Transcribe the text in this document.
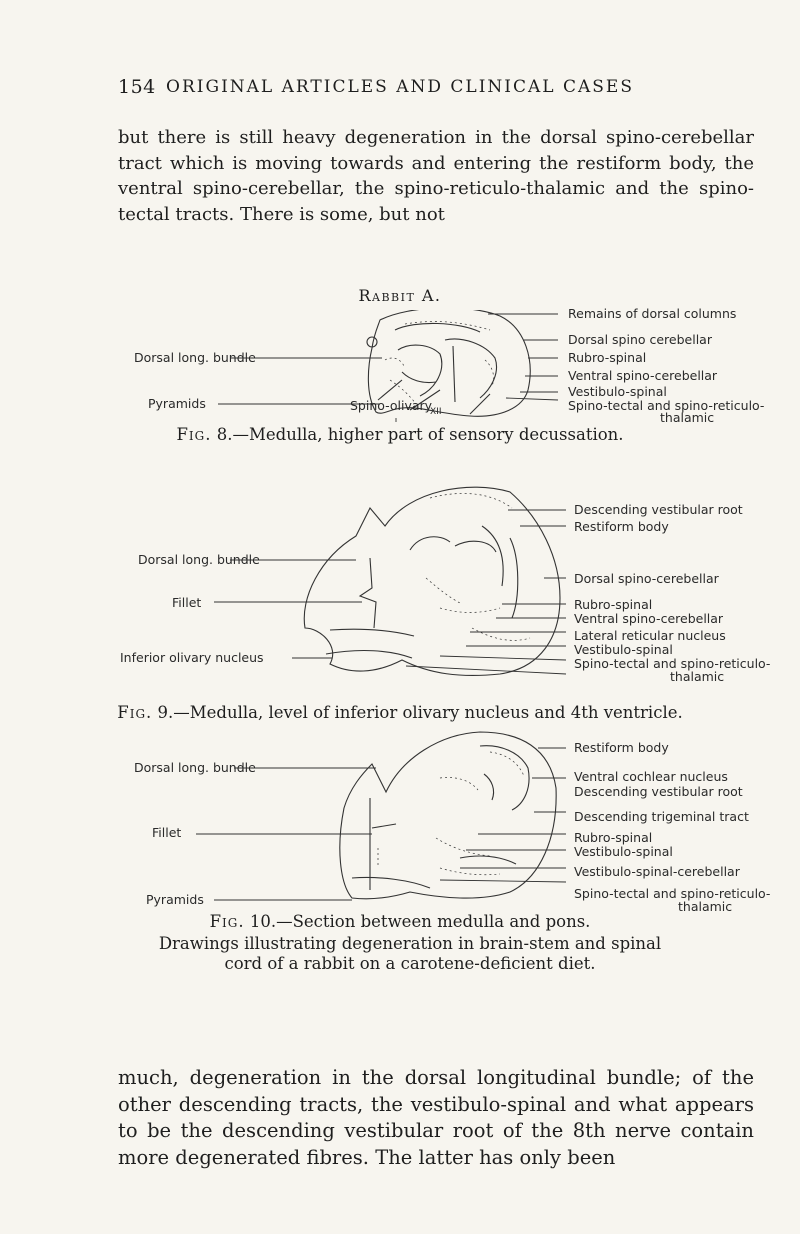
154 ORIGINAL ARTICLES AND CLINICAL CASES
but there is still heavy degeneration in the dorsal spino-cerebellar tract which is moving towards and entering the restiform body, the ventral spino-cerebellar, the spino-reticulo-thalamic and the spino-tectal tracts. There is some, but not
Rabbit A.
Remains of dorsal columns
Dorsal spino cerebellar
Rubro-spinal
Ventral spino-cerebellar
Vestibulo-spinal
Spino-tectal and spino-reticulo-
thalamic
Dorsal long. bundle
Pyramids
XII
Spino-olivary
Fig. 8.—Medulla, higher part of sensory decussation.
Descending vestibular root
Restiform body
Dorsal spino-cerebellar
Rubro-spinal
Ventral spino-cerebellar
Lateral reticular nucleus
Vestibulo-spinal
Spino-tectal and spino-reticulo-
thalamic
Dorsal long. bundle
Fillet
Inferior olivary nucleus
Fig. 9.—Medulla, level of inferior olivary nucleus and 4th ventricle.
Restiform body
Ventral cochlear nucleus
Descending vestibular root
Descending trigeminal tract
Rubro-spinal
Vestibulo-spinal
Vestibulo-spinal-cerebellar
Spino-tectal and spino-reticulo-
thalamic
Dorsal long. bundle
Fillet
Pyramids
Fig. 10.—Section between medulla and pons.
Drawings illustrating degeneration in brain-stem and spinal cord of a rabbit on a carotene-deficient diet.
much, degeneration in the dorsal longitudinal bundle; of the other descending tracts, the vestibulo-spinal and what appears to be the descending vestibular root of the 8th nerve contain more degenerated fibres. The latter has only been
